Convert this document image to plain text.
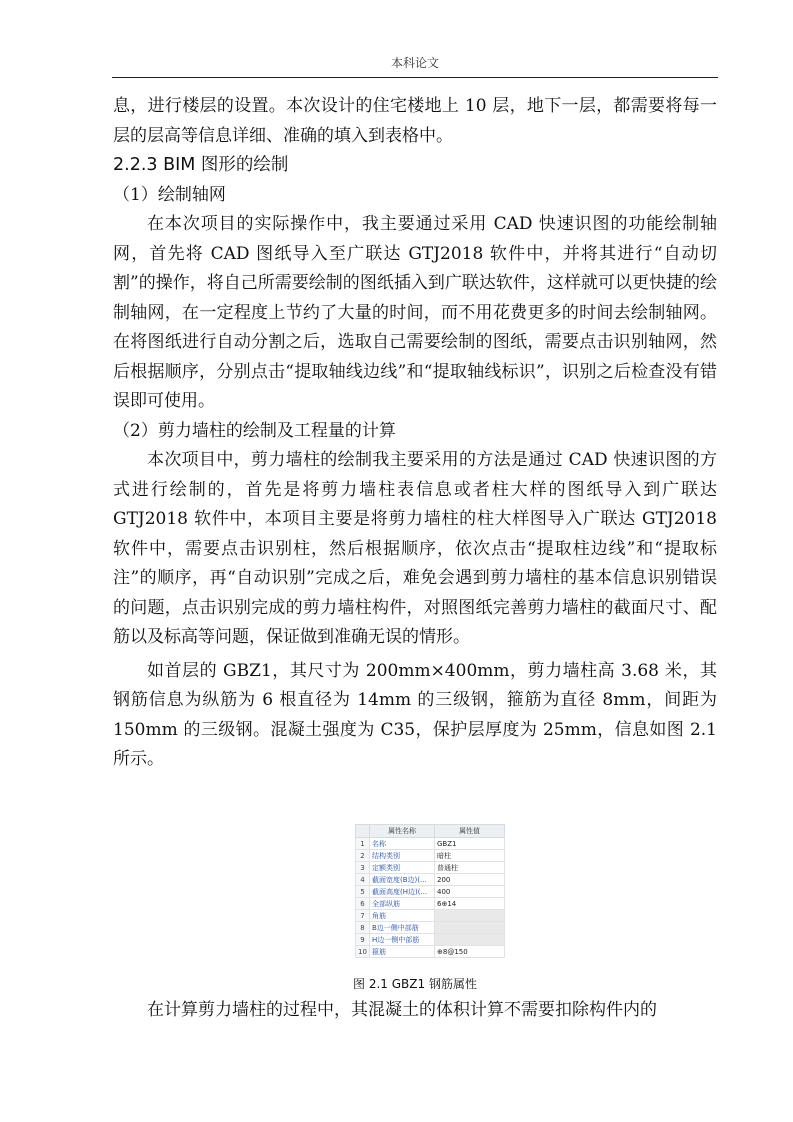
本科论文

息，进行楼层的设置。本次设计的住宅楼地上 10 层，地下一层，都需要将每一层的层高等信息详细、准确的填入到表格中。

2.2.3 BIM 图形的绘制

（1）绘制轴网

在本次项目的实际操作中，我主要通过采用 CAD 快速识图的功能绘制轴网，首先将 CAD 图纸导入至广联达 GTJ2018 软件中，并将其进行“自动切割”的操作，将自己所需要绘制的图纸插入到广联达软件，这样就可以更快捷的绘制轴网，在一定程度上节约了大量的时间，而不用花费更多的时间去绘制轴网。在将图纸进行自动分割之后，选取自己需要绘制的图纸，需要点击识别轴网，然后根据顺序，分别点击“提取轴线边线”和“提取轴线标识”，识别之后检查没有错误即可使用。

（2）剪力墙柱的绘制及工程量的计算

本次项目中，剪力墙柱的绘制我主要采用的方法是通过 CAD 快速识图的方式进行绘制的，首先是将剪力墙柱表信息或者柱大样的图纸导入到广联达 GTJ2018 软件中，本项目主要是将剪力墙柱的柱大样图导入广联达 GTJ2018 软件中，需要点击识别柱，然后根据顺序，依次点击“提取柱边线”和“提取标注”的顺序，再“自动识别”完成之后，难免会遇到剪力墙柱的基本信息识别错误的问题，点击识别完成的剪力墙柱构件，对照图纸完善剪力墙柱的截面尺寸、配筋以及标高等问题，保证做到准确无误的情形。

如首层的 GBZ1，其尺寸为 200mm×400mm，剪力墙柱高 3.68 米，其钢筋信息为纵筋为 6 根直径为 14mm 的三级钢，箍筋为直径 8mm，间距为 150mm 的三级钢。混凝土强度为 C35，保护层厚度为 25mm，信息如图 2.1 所示。

	属性名称	属性值
1	名称	GBZ1
2	结构类别	暗柱
3	定额类别	普通柱
4	截面宽度(B边)(...	200
5	截面高度(H边)(...	400
6	全部纵筋	6⊕14
7	角筋	
8	B边一侧中部筋	
9	H边一侧中部筋	
10	箍筋	⊕8@150
图 2.1 GBZ1 钢筋属性

在计算剪力墙柱的过程中，其混凝土的体积计算不需要扣除构件内的
